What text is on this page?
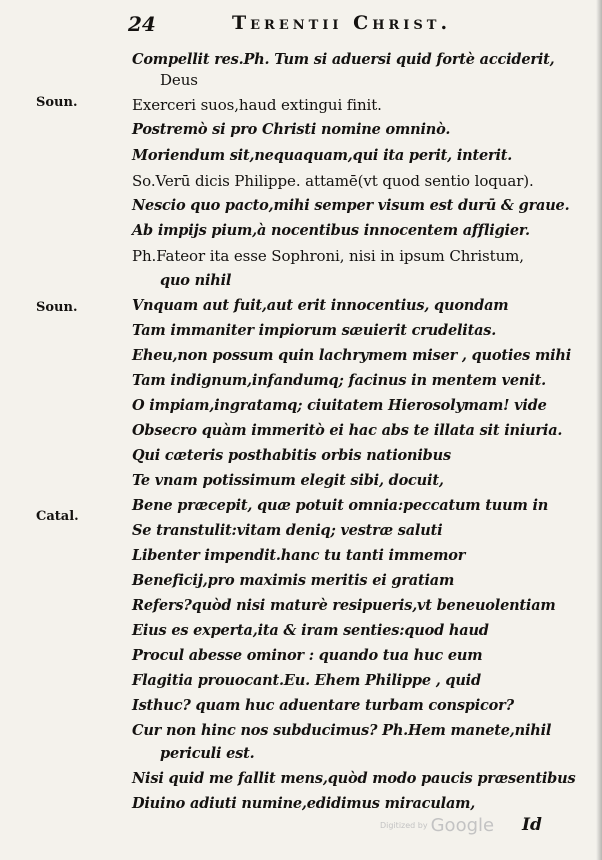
24	Terentii Christ.
Soun.
Soun.
Catal.
Compellit res.Ph. Tum si aduersi quid fortè acciderit,
Deus
Exerceri suos,haud extingui finit.
Postremò si pro Christi nomine omninò.
Moriendum sit,nequaquam,qui ita perit, interit.
So.Verū dicis Philippe. attamē(vt quod sentio loquar).
Nescio quo pacto,mihi semper visum est durū & graue.
Ab impijs pium,à nocentibus innocentem affligier.
Ph.Fateor ita esse Sophroni, nisi in ipsum Christum,
quo nihil
Vnquam aut fuit,aut erit innocentius, quondam
Tam immaniter impiorum sæuierit crudelitas.
Eheu,non possum quin lachrymem miser , quoties mihi
Tam indignum,infandumq; facinus in mentem venit.
O impiam,ingratamq; ciuitatem Hierosolymam! vide
Obsecro quàm immeritò ei hac abs te illata sit iniuria.
Qui cæteris posthabitis orbis nationibus
Te vnam potissimum elegit sibi, docuit,
Bene præcepit, quæ potuit omnia:peccatum tuum in
Se transtulit:vitam deniq; vestræ saluti
Libenter impendit.hanc tu tanti immemor
Beneficij,pro maximis meritis ei gratiam
Refers?quòd nisi maturè resipueris,vt beneuolentiam
Eius es experta,ita & iram senties:quod haud
Procul abesse ominor : quando tua huc eum
Flagitia prouocant.Eu. Ehem Philippe , quid
Isthuc? quam huc aduentare turbam conspicor?
Cur non hinc nos subducimus? Ph.Hem manete,nihil
periculi est.
Nisi quid me fallit mens,quòd modo paucis præsentibus
Diuino adiuti numine,edidimus miraculam,
Digitized by Google Id
